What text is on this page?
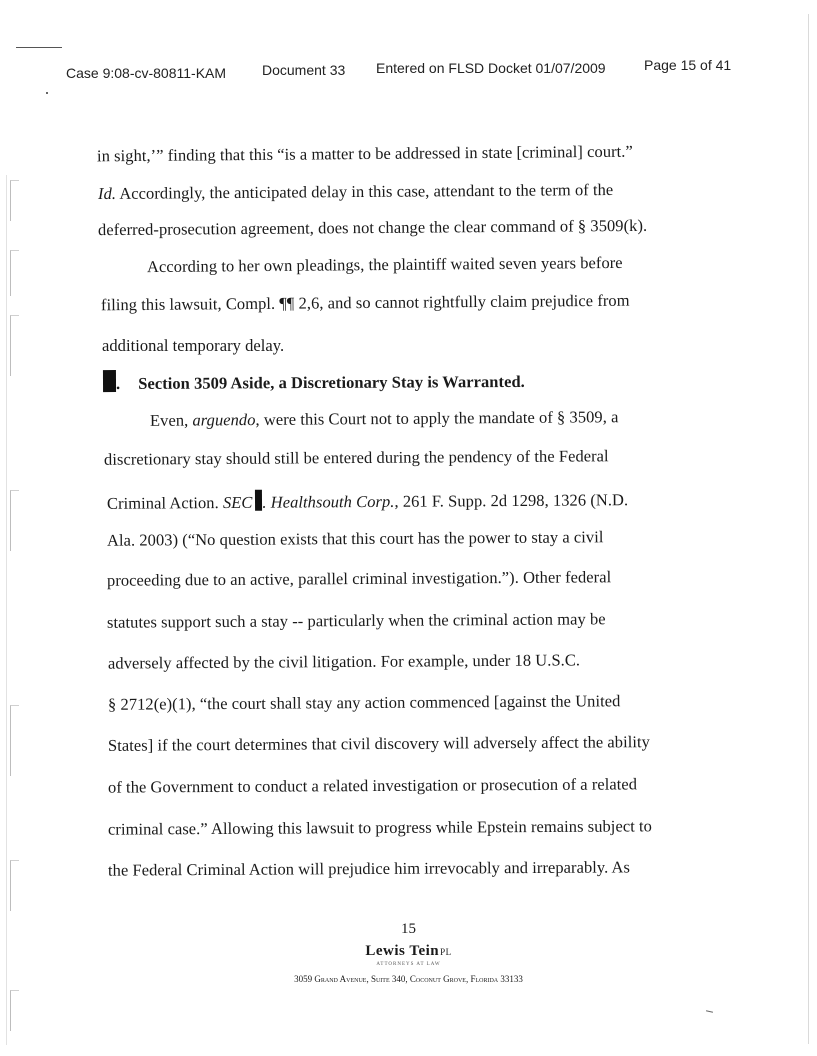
Case 9:08-cv-80811-KAM	Document 33 Entered on FLSD Docket 01/07/2009	Page 15 of 41
in sight,’” finding that this “is a matter to be addressed in state [criminal] court.”
Id. Accordingly, the anticipated delay in this case, attendant to the term of the
deferred-prosecution agreement, does not change the clear command of § 3509(k).
According to her own pleadings, the plaintiff waited seven years before
filing this lawsuit, Compl. ¶¶ 2,6, and so cannot rightfully claim prejudice from
additional temporary delay.
. Section 3509 Aside, a Discretionary Stay is Warranted.
Even, arguendo, were this Court not to apply the mandate of § 3509, a
discretionary stay should still be entered during the pendency of the Federal
Criminal Action. SEC . Healthsouth Corp., 261 F. Supp. 2d 1298, 1326 (N.D.
Ala. 2003) (“No question exists that this court has the power to stay a civil
proceeding due to an active, parallel criminal investigation.”). Other federal
statutes support such a stay -- particularly when the criminal action may be
adversely affected by the civil litigation. For example, under 18 U.S.C.
§ 2712(e)(1), “the court shall stay any action commenced [against the United
States] if the court determines that civil discovery will adversely affect the ability
of the Government to conduct a related investigation or prosecution of a related
criminal case.” Allowing this lawsuit to progress while Epstein remains subject to
the Federal Criminal Action will prejudice him irrevocably and irreparably. As
15
Lewis TeinPL
ATTORNEYS AT LAW
3059 Grand Avenue, Suite 340, Coconut Grove, Florida 33133
